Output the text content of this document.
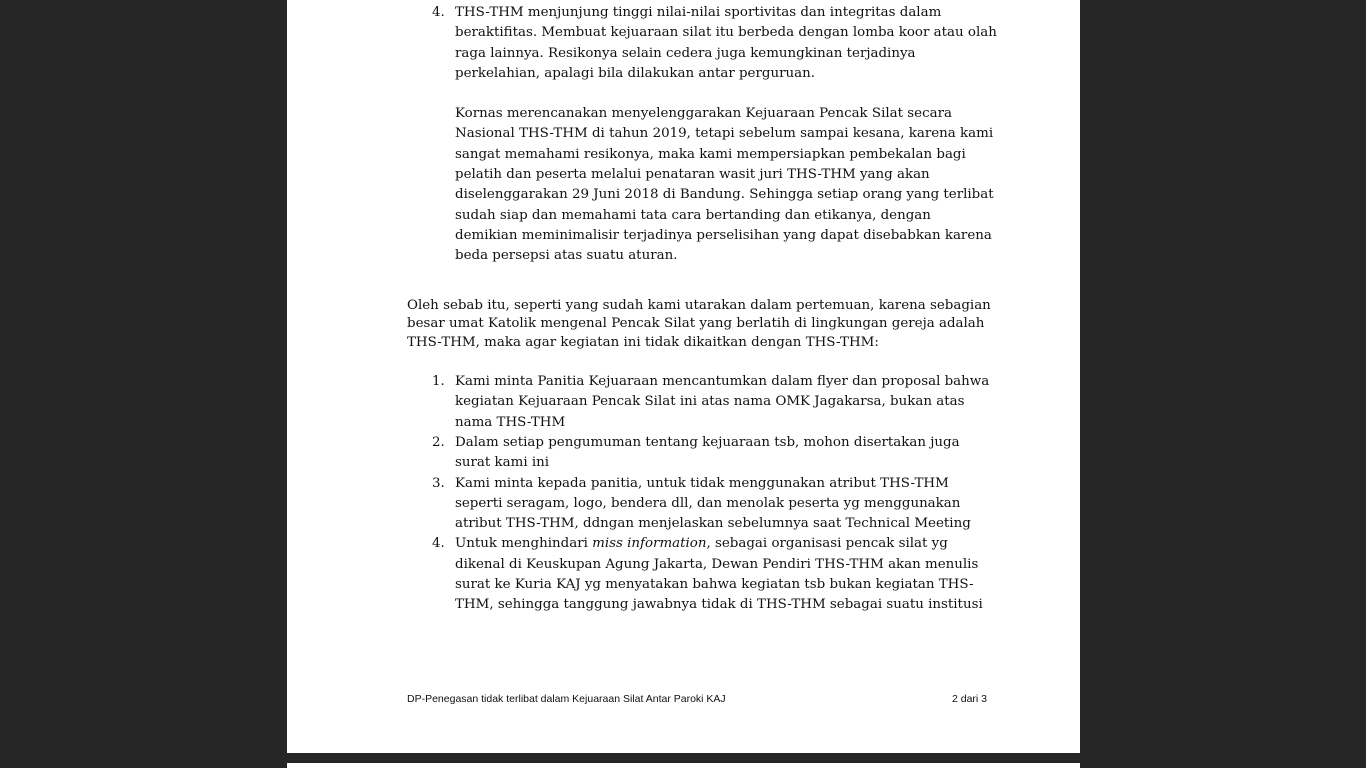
4. THS-THM menjunjung tinggi nilai-nilai sportivitas dan integritas dalam beraktifitas. Membuat kejuaraan silat itu berbeda dengan lomba koor atau olah raga lainnya. Resikonya selain cedera juga kemungkinan terjadinya perkelahian, apalagi bila dilakukan antar perguruan.

Kornas merencanakan menyelenggarakan Kejuaraan Pencak Silat secara Nasional THS-THM di tahun 2019, tetapi sebelum sampai kesana, karena kami sangat memahami resikonya, maka kami mempersiapkan pembekalan bagi pelatih dan peserta melalui penataran wasit juri THS-THM yang akan diselenggarakan 29 Juni 2018 di Bandung. Sehingga setiap orang yang terlibat sudah siap dan memahami tata cara bertanding dan etikanya, dengan demikian meminimalisir terjadinya perselisihan yang dapat disebabkan karena beda persepsi atas suatu aturan.

Oleh sebab itu, seperti yang sudah kami utarakan dalam pertemuan, karena sebagian besar umat Katolik mengenal Pencak Silat yang berlatih di lingkungan gereja adalah THS-THM, maka agar kegiatan ini tidak dikaitkan dengan THS-THM:

1. Kami minta Panitia Kejuaraan mencantumkan dalam flyer dan proposal bahwa kegiatan Kejuaraan Pencak Silat ini atas nama OMK Jagakarsa, bukan atas nama THS-THM
2. Dalam setiap pengumuman tentang kejuaraan tsb, mohon disertakan juga surat kami ini
3. Kami minta kepada panitia, untuk tidak menggunakan atribut THS-THM seperti seragam, logo, bendera dll, dan menolak peserta yg menggunakan atribut THS-THM, ddngan menjelaskan sebelumnya saat Technical Meeting
4. Untuk menghindari miss information, sebagai organisasi pencak silat yg dikenal di Keuskupan Agung Jakarta, Dewan Pendiri THS-THM akan menulis surat ke Kuria KAJ yg menyatakan bahwa kegiatan tsb bukan kegiatan THS-THM, sehingga tanggung jawabnya tidak di THS-THM sebagai suatu institusi
DP-Penegasan tidak terlibat dalam Kejuaraan Silat Antar Paroki KAJ	2 dari 3
